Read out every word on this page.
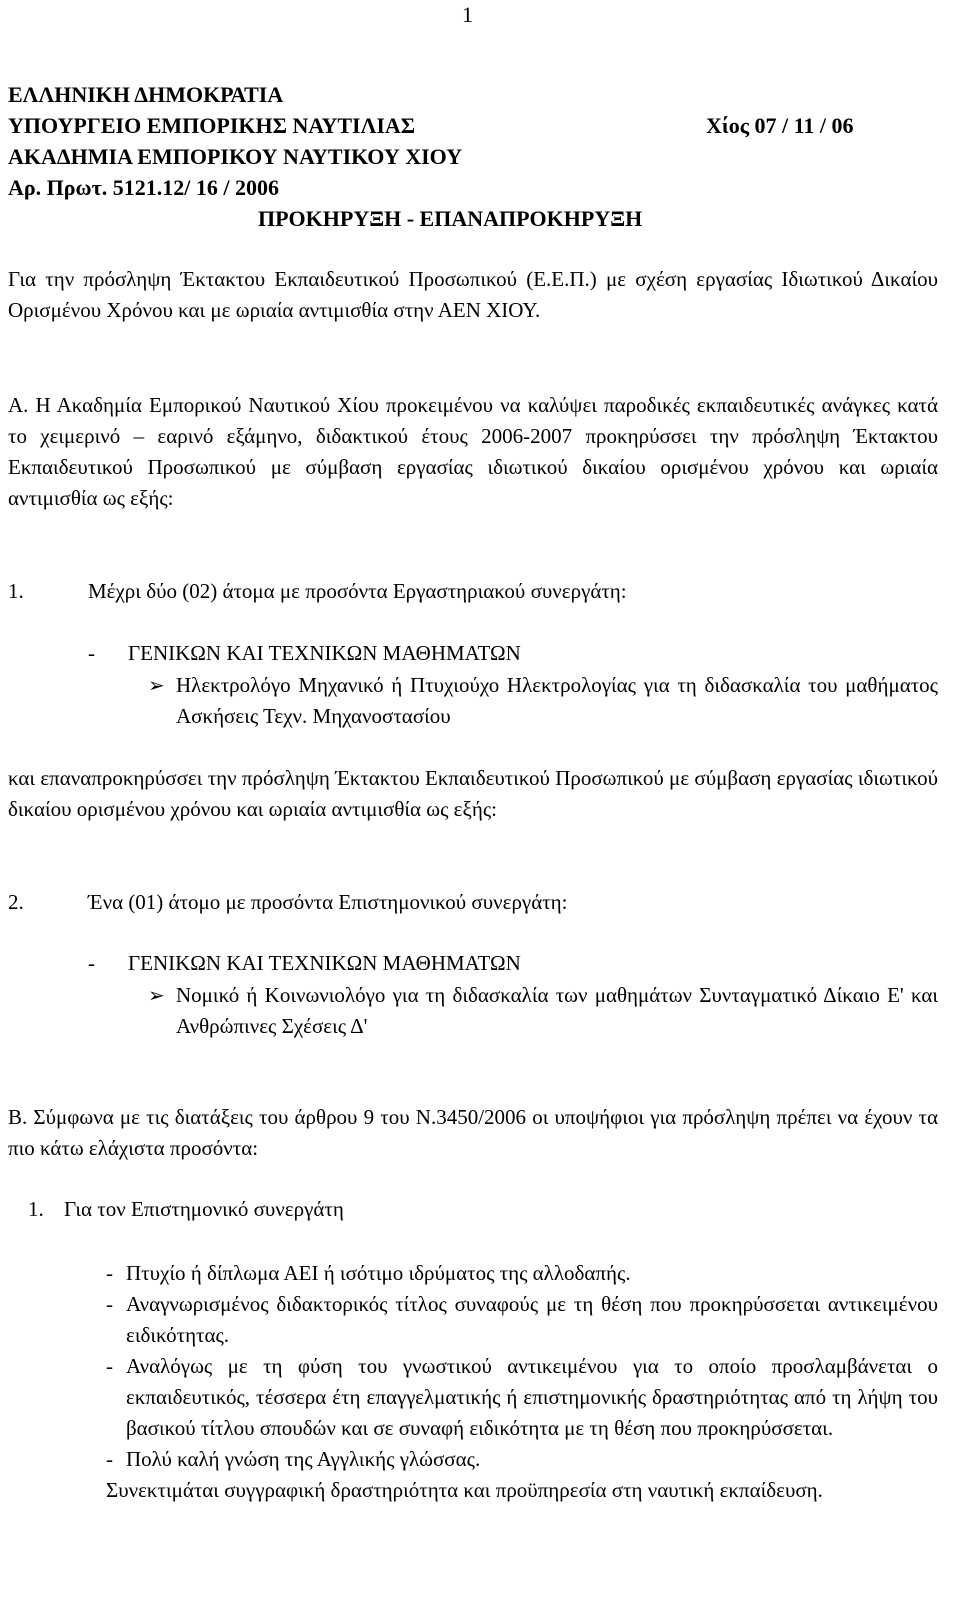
1
ΕΛΛΗΝΙΚΗ ΔΗΜΟΚΡΑΤΙΑ
ΥΠΟΥΡΓΕΙΟ ΕΜΠΟΡΙΚΗΣ ΝΑΥΤΙΛΙΑΣ	Χίος 07 / 11 / 06
ΑΚΑΔΗΜΙΑ ΕΜΠΟΡΙΚΟΥ ΝΑΥΤΙΚΟΥ ΧΙΟΥ
Αρ. Πρωτ. 5121.12/ 16 / 2006
ΠΡΟΚΗΡΥΞΗ - ΕΠΑΝΑΠΡΟΚΗΡΥΞΗ
Για την πρόσληψη Έκτακτου Εκπαιδευτικού Προσωπικού (Ε.Ε.Π.) με σχέση εργασίας Ιδιωτικού Δικαίου Ορισμένου Χρόνου και με ωριαία αντιμισθία στην ΑΕΝ ΧΙΟΥ.
Α. Η Ακαδημία Εμπορικού Ναυτικού Χίου προκειμένου να καλύψει παροδικές εκπαιδευτικές ανάγκες κατά το χειμερινό – εαρινό εξάμηνο, διδακτικού έτους 2006-2007 προκηρύσσει την πρόσληψη Έκτακτου Εκπαιδευτικού Προσωπικού με σύμβαση εργασίας ιδιωτικού δικαίου ορισμένου χρόνου και ωριαία αντιμισθία ως εξής:
1.	Μέχρι δύο (02) άτομα με προσόντα Εργαστηριακού συνεργάτη:
- ΓΕΝΙΚΩΝ ΚΑΙ ΤΕΧΝΙΚΩΝ ΜΑΘΗΜΑΤΩΝ
➢ Ηλεκτρολόγο Μηχανικό ή Πτυχιούχο Ηλεκτρολογίας για τη διδασκαλία του μαθήματος Ασκήσεις Τεχν. Μηχανοστασίου
και επαναπροκηρύσσει την πρόσληψη Έκτακτου Εκπαιδευτικού Προσωπικού με σύμβαση εργασίας ιδιωτικού δικαίου ορισμένου χρόνου και ωριαία αντιμισθία ως εξής:
2.	Ένα (01) άτομο με προσόντα Επιστημονικού συνεργάτη:
- ΓΕΝΙΚΩΝ ΚΑΙ ΤΕΧΝΙΚΩΝ ΜΑΘΗΜΑΤΩΝ
➢ Νομικό ή Κοινωνιολόγο για τη διδασκαλία των μαθημάτων Συνταγματικό Δίκαιο Ε' και Ανθρώπινες Σχέσεις Δ'
Β. Σύμφωνα με τις διατάξεις του άρθρου 9 του Ν.3450/2006 οι υποψήφιοι για πρόσληψη πρέπει να έχουν τα πιο κάτω ελάχιστα προσόντα:
1. Για τον Επιστημονικό συνεργάτη
- Πτυχίο ή δίπλωμα ΑΕΙ ή ισότιμο ιδρύματος της αλλοδαπής.
- Αναγνωρισμένος διδακτορικός τίτλος συναφούς με τη θέση που προκηρύσσεται αντικειμένου ειδικότητας.
- Αναλόγως με τη φύση του γνωστικού αντικειμένου για το οποίο προσλαμβάνεται ο εκπαιδευτικός, τέσσερα έτη επαγγελματικής ή επιστημονικής δραστηριότητας από τη λήψη του βασικού τίτλου σπουδών και σε συναφή ειδικότητα με τη θέση που προκηρύσσεται.
- Πολύ καλή γνώση της Αγγλικής γλώσσας.
Συνεκτιμάται συγγραφική δραστηριότητα και προϋπηρεσία στη ναυτική εκπαίδευση.
